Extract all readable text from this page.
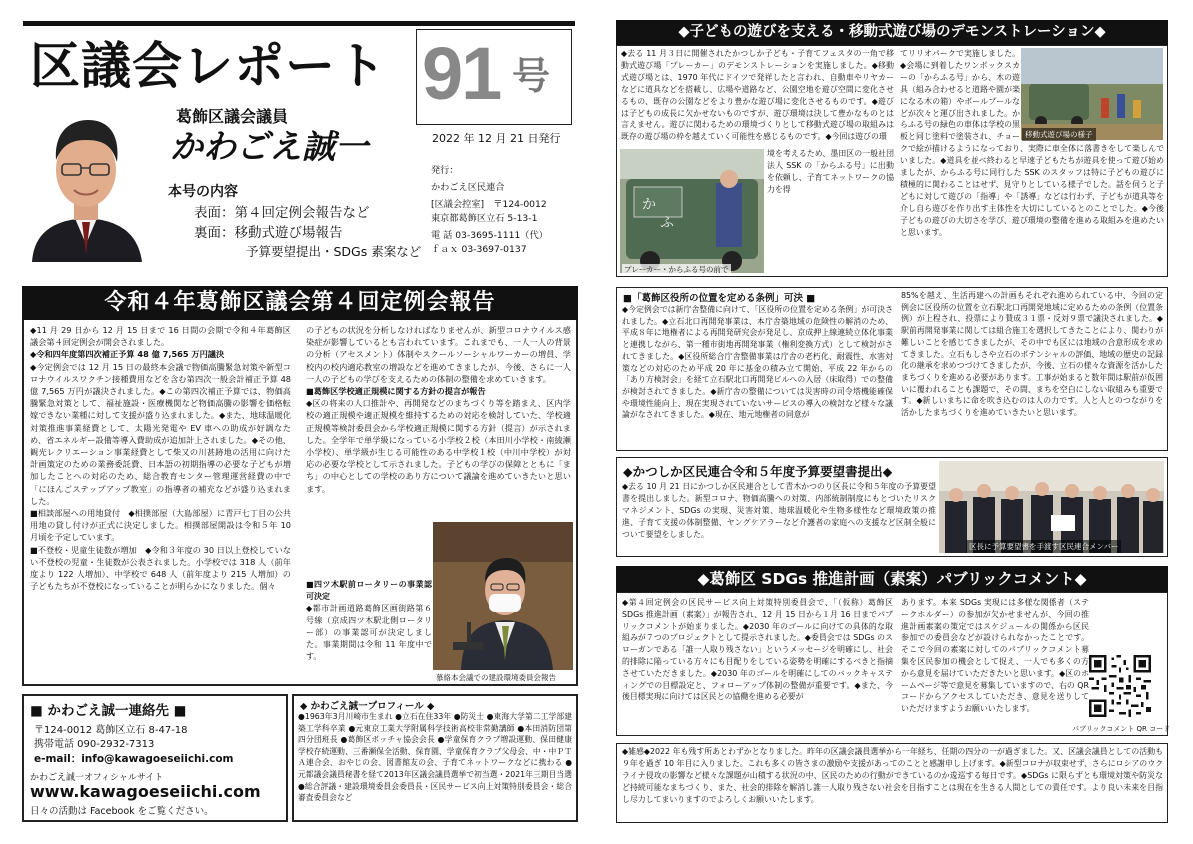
区議会レポート 91 号
2022 年 12 月 21 日発行
葛飾区議会議員
かわごえ誠一
本号の内容
表面：第４回定例会報告など
裏面：移動式遊び場報告
予算要望提出・SDGs 素案など
発行：
かわごえ区民連合
[区議会控室]　〒124-0012
東京都葛飾区立石 5-13-1
電 話 03-3695-1111（代）
ｆａｘ 03-3697-0137
令和４年葛飾区議会第４回定例会報告

◆11 月 29 日から 12 月 15 日まで 16 日間の会期で令和４年葛飾区議会第４回定例会が開会されました。

◆令和四年度第四次補正予算 48 億 7,565 万円議決

◆今定例会では 12 月 15 日の最終本会議で物価高騰緊急対策や新型コロナウイルスワクチン接種費用などを含む第四次一般会計補正予算 48 億 7,565 万円が議決されました。◆この第四次補正予算では、物価高騰緊急対策として、福祉施設・医療機関など物価高騰の影響を価格転嫁できない業種に対して支援が盛り込まれました。◆また、地球温暖化対策推進事業経費として、太陽光発電や EV 車への助成が好調なため、省エネルギー設備等導入費助成が追加計上されました。◆その他、観光レクリエーション事業経費として柴又の川甚跡地の活用に向けた計画策定のための業務委託費、日本語の初期指導の必要な子どもが増加したことへの対応のため、総合教育センター管理運営経費の中で「にほんごステップアップ教室」の指導者の補充などが盛り込まれました。

■相談部屋への用地貸付　◆相撲部屋（大島部屋）に青戸七丁目の公共用地の貸し付けが正式に決定しました。相撲部屋開設は令和５年 10 月頃を予定しています。

■不登校・児童生徒数が増加　◆令和３年度の 30 日以上登校していない不登校の児童・生徒数が公表されました。小学校では 318 人（前年度より 122 人増加）、中学校で 648 人（前年度より 215 人増加）の子どもたちが不登校になっていることが明らかになりました。個々

の子どもの状況を分析しなければなりませんが、新型コロナウイルス感染症が影響しているとも言われています。これまでも、一人一人の背景の分析（アセスメント）体制やスクールソーシャルワーカーの増員、学校内の校内適応教室の増設などを進めてきましたが、今後、さらに一人一人の子どもの学びを支えるための体制の整備を求めていきます。

■葛飾区学校適正規模に関する方針の提言が報告

◆区の将来の人口推計や、再開発などのまちづくり等を踏まえ、区内学校の適正規模や適正規模を維持するための対応を検討していた、学校適正規模等検討委員会から学校適正規模に関する方針（提言）が示されました。全学年で単学級になっている小学校２校（本田川小学校・南綾瀬小学校）、単学級が生じる可能性のある中学校１校（中川中学校）が対応の必要な学校として示されました。子どもの学びの保障とともに「まち」の中心としての学校のあり方について議論を進めていきたいと思います。

■四ツ木駅前ロータリーの事業認可決定

◆都市計画道路葛飾区画街路第６号線（京成四ツ木駅北側ロータリー部）の事業認可が決定しました。事業期間は令和 11 年度中です。

慕絡本会議での建設環境委員会報告
■ かわごえ誠一連絡先 ■
〒124-0012 葛飾区立石 8-47-18
携帯電話 090-2932-7313
e-mail：info@kawagoeseiichi.com
かわごえ誠一オフィシャルサイト
www.kawagoeseiichi.com
日々の活動は Facebook をご覧ください。
◆ かわごえ誠一プロフィール ◆
●1963年3月川崎市生まれ ●立石在住33年 ●防災士 ●東海大学第二工学部建築工学科卒業 ●元東京工業大学附属科学技術高校非常勤講師 ●本田消防団第四分団班長 ●葛飾区ボッチャ協会会長 ●学童保育クラブ増設運動、保田健康学校存続運動、三番瀬保全活動、保育園、学童保育クラブ父母会、中・中ＰＴＡ連合会、おやじの会、図書館友の会、子育てネットワークなどに携わる ●元都議会議員秘書を経て2013年区議会議員選挙で初当選・2021年三期目当選 ●総合評議・建設環境委員会委員長・区民サービス向上対策特別委員会・総合審査委員会など
◆子どもの遊びを支える・移動式遊び場のデモンストレーション◆
◆去る 11 月３日に開催されたかつしか子ども・子育てフェスタの一角で移動式遊び場「プレーカー」のデモンストレーションを実施しました。◆移動式遊び場とは、1970 年代にドイツで発祥したと言われ、自動車やリヤカーなどに道具などを搭載し、広場や道路など、公園空地を遊び空間に変化させるもの、既存の公園などをより豊かな遊び場に変化させるものです。◆遊びは子どもの成長に欠かせないものですが、遊び環境は決して豊かなものとは言えません。遊びに関わるための環境づくりとして移動式遊び場の取組みは既存の遊び場の枠を越えていく可能性を感じるものです。◆今回は遊びの環
か
ふ
プレーカー・からふる号の前で
境を考えるため、墨田区の一般社団法人 SSK の「からふる号」に出動を依頼し、子育てネットワークの協力を得
てリリオパークで実施しました。◆会場に到着したワンボックスカーの「からふる号」から、木の遊具（組み合わせると道路や園が楽になる木の箱）やボールプールなどが次々と運び出されました。からふる号の緑色の車体は学校の黒板と同じ塗料で塗装され、チョークで絵が描けるようになっており、実際に車全体に落書きをして楽しんでいました。◆道具を並べ終わると早速子どもたちが遊具を使って遊び始めましたが、からふる号に同行した SSK のスタッフは特に子どもの遊びに積極的に関わることはせず、見守りとしている様子でした。話を伺うと子どもに対して遊びの「指導」や「誘導」などは行わず、子どもが道具等を介し自ら遊びを作り出す主体性を大切にしているとのことでした。◆今後子どもの遊びの大切さを学び、遊び環境の整備を進める取組みを進めたいと思います。
移動式遊び場の様子
■「葛飾区役所の位置を定める条例」可決 ■
◆今定例会では新庁舎整備に向けて、「区役所の位置を定める条例」が可決されました。◆立石北口再開発事業は、本庁舎築地域の危険性の解消のため、平成８年に地権者による再開発研究会が発足し、京成押上線連続立体化事業と連携しながら、第一種市街地再開発事業（権利変換方式）として検討がされてきました。◆区役所総合庁舎整備事業は庁舎の老朽化、耐震性、水害対策などの対応のため平成 20 年に基金の積み立て開始、平成 22 年からの「あり方検討会」を経て立石駅北口再開発ビルへの入居（床取得）での整備が検討されてきました。◆新庁舎の整備については災害時の司令塔機能確保や環境性能向上、現在実現されていないサービスの導入の検討など様々な議論がなされてきました。◆現在、地元地権者の同意が
85%を越え、生活再建への計画もそれぞれ進められている中、今回の定例会に区役所の位置を立石駅北口再開発地域に定めるための条例（位置条例）が上程され、投票により賛成３１票・反対９票で議決されました。◆駅前再開発事業に関しては組合施工を選択してきたことにより、関わりが難しいことを感じてきましたが、その中でも区には地域の合意形成を求めてきました。立石もしさや立石のポテンシャルの評価、地域の歴史の記録化の継承を求めつづけてきましたが、今後、立石の様々な資源を活かしたまちづくりを進める必要があります。工事が始まると数年間は駅前が仮囲いに覆われることも課題で、その間、まちを空白にしない取組みも重要です。◆新しいまちに命を吹き込むのは人の力です。人と人とのつながりを活かしたまちづくりを進めていきたいと思います。
◆かつしか区民連合令和５年度予算要望書提出◆
◆去る 10 月 21 日にかつしか区民連合として青木かつのり区長に令和５年度の予算要望書を提出しました。新型コロナ、物価高騰への対策、内部統制制度にもとづいたリスクマネジメント、SDGs の実現、災害対策、地球温暖化や生物多様性など環境政策の推進、子育て支援の体制整備、ヤングケアラーなど介護者の家庭への支援など区制全般について要望をしました。
区長に予算要望書を手渡す区民連合メンバー
◆葛飾区 SDGs 推進計画（素案）パブリックコメント◆
◆第４回定例会の区民サービス向上対策特別委員会で、「（仮称）葛飾区 SDGs 推進計画（素案）」が報告され、12 月 15 日から１月 16 日までパブリックコメントが始まりました。◆2030 年のゴールに向けての具体的な取組みが７つのプロジェクトとして提示されました。◆委員会では SDGs のスローガンである「誰一人取り残さない」というメッセージを明確にし、社会的排除に陥っている方々にも目配りをしている姿勢を明確にするべきと指摘させていただきました。◆2030 年のゴールを明確にしてのバックキャスティングでの目標設定と、フォローアップ体制の整備が重要です。◆また、今後目標実現に向けては区民との協働を進める必要が
あります。本来 SDGs 実現には多様な関係者（ステークホルダー）の参加が欠かせませんが、今回の推進計画素案の策定ではスケジュールの関係から区民参加での委員会などが設けられなかったことです。そこで今回の素案に対してのパブリックコメント募集を区民参加の機会として捉え、一人でも多くの方から意見を届けていただきたいと思います。◆区のホームページ等で意見を募集していますので、右の QR コードからアクセスしていただき、意見を送りしていただけますようお願いいたします。
パブリックコメント QR コード
◆雑感◆2022 年も残す所あとわずかとなりました。昨年の区議会議員選挙から一年経ち、任期の四分の一が過ぎました。又、区議会議員としての活動も９年を過ぎ 10 年目に入りました。これも多くの皆さまの激励や支援があってのことと感謝申し上げます。◆新型コロナが収束せず、さらにロシアのウクライナ侵攻の影響など様々な課題が山積する状況の中、区民のための行動ができているのか逡巡する毎日です。◆SDGs に限らずとも環境対策や防災など持続可能なまちづくり、また、社会的排除を解消し誰一人取り残さない社会を目指すことは現在を生きる人間としての責任です。より良い未来を目指し尽力してまいりますのでよろしくお願いいたします。
